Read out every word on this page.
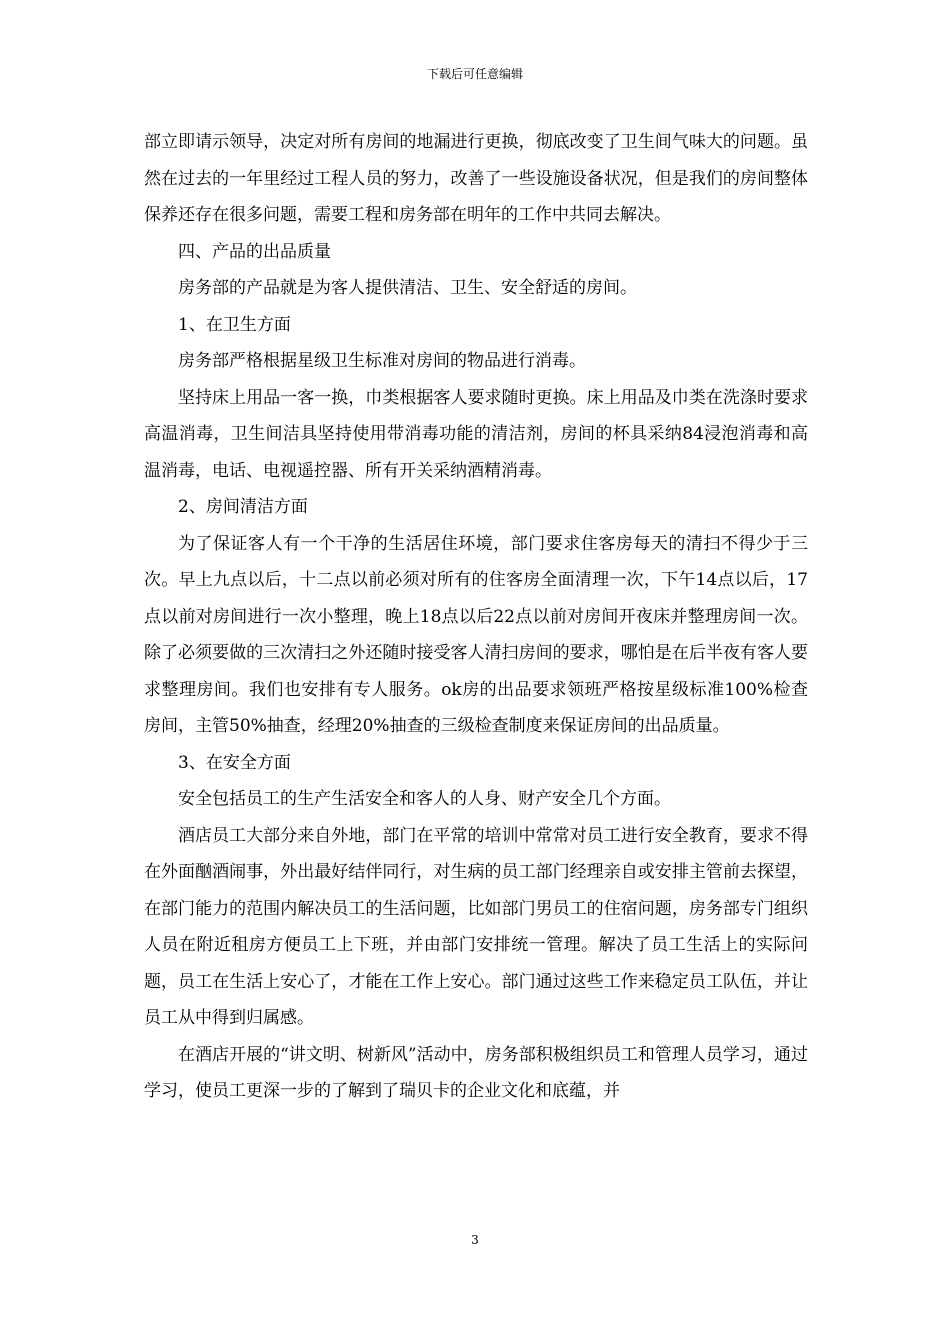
下载后可任意编辑

部立即请示领导，决定对所有房间的地漏进行更换，彻底改变了卫生间气味大的问题。虽然在过去的一年里经过工程人员的努力，改善了一些设施设备状况，但是我们的房间整体保养还存在很多问题，需要工程和房务部在明年的工作中共同去解决。

四、产品的出品质量

房务部的产品就是为客人提供清洁、卫生、安全舒适的房间。

1、在卫生方面

房务部严格根据星级卫生标准对房间的物品进行消毒。

坚持床上用品一客一换，巾类根据客人要求随时更换。床上用品及巾类在洗涤时要求高温消毒，卫生间洁具坚持使用带消毒功能的清洁剂，房间的杯具采纳84浸泡消毒和高温消毒，电话、电视遥控器、所有开关采纳酒精消毒。

2、房间清洁方面

为了保证客人有一个干净的生活居住环境，部门要求住客房每天的清扫不得少于三次。早上九点以后，十二点以前必须对所有的住客房全面清理一次，下午14点以后，17点以前对房间进行一次小整理，晚上18点以后22点以前对房间开夜床并整理房间一次。除了必须要做的三次清扫之外还随时接受客人清扫房间的要求，哪怕是在后半夜有客人要求整理房间。我们也安排有专人服务。ok房的出品要求领班严格按星级标准100%检查房间，主管50%抽查，经理20%抽查的三级检查制度来保证房间的出品质量。

3、在安全方面

安全包括员工的生产生活安全和客人的人身、财产安全几个方面。

酒店员工大部分来自外地，部门在平常的培训中常常对员工进行安全教育，要求不得在外面酗酒闹事，外出最好结伴同行，对生病的员工部门经理亲自或安排主管前去探望，在部门能力的范围内解决员工的生活问题，比如部门男员工的住宿问题，房务部专门组织人员在附近租房方便员工上下班，并由部门安排统一管理。解决了员工生活上的实际问题，员工在生活上安心了，才能在工作上安心。部门通过这些工作来稳定员工队伍，并让员工从中得到归属感。

在酒店开展的“讲文明、树新风”活动中，房务部积极组织员工和管理人员学习，通过学习，使员工更深一步的了解到了瑞贝卡的企业文化和底蕴，并

3
